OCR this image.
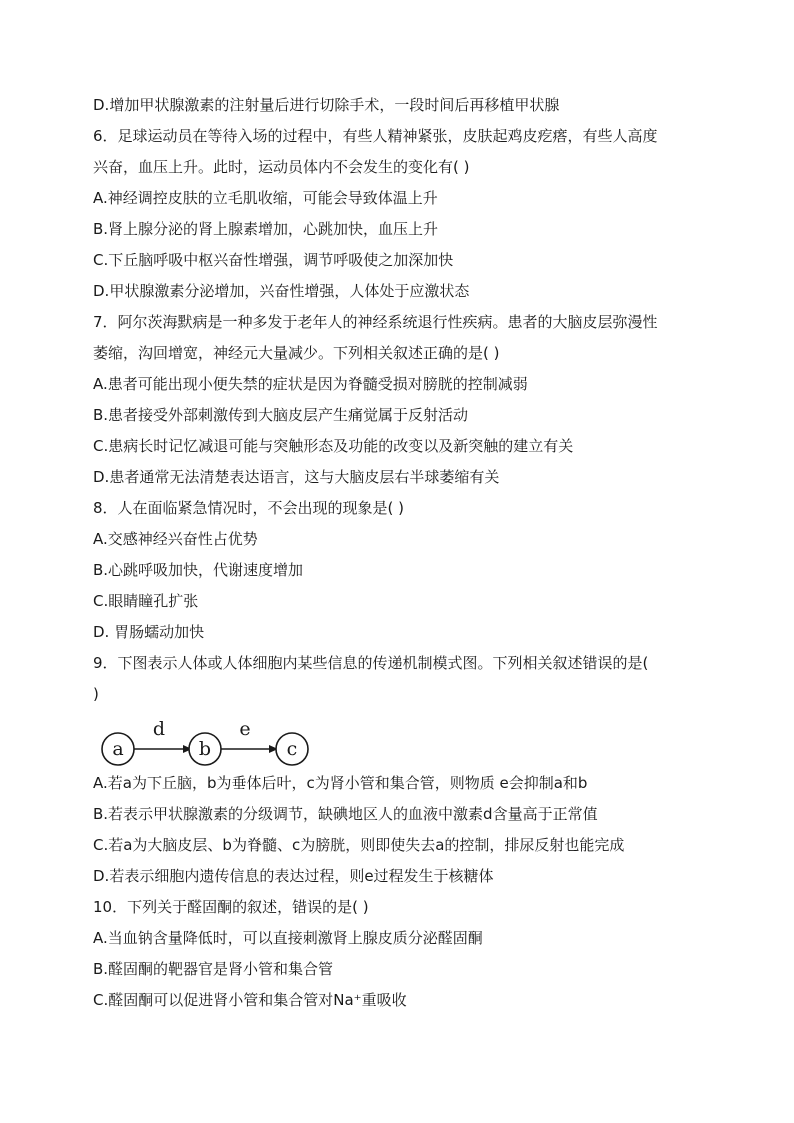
D.增加甲状腺激素的注射量后进行切除手术，一段时间后再移植甲状腺
6．足球运动员在等待入场的过程中，有些人精神紧张，皮肤起鸡皮疙瘩，有些人高度
兴奋，血压上升。此时，运动员体内不会发生的变化有( )
A.神经调控皮肤的立毛肌收缩，可能会导致体温上升
B.肾上腺分泌的肾上腺素增加，心跳加快，血压上升
C.下丘脑呼吸中枢兴奋性增强，调节呼吸使之加深加快
D.甲状腺激素分泌增加，兴奋性增强，人体处于应激状态
7．阿尔茨海默病是一种多发于老年人的神经系统退行性疾病。患者的大脑皮层弥漫性
萎缩，沟回增宽，神经元大量减少。下列相关叙述正确的是( )
A.患者可能出现小便失禁的症状是因为脊髓受损对膀胱的控制减弱
B.患者接受外部刺激传到大脑皮层产生痛觉属于反射活动
C.患病长时记忆减退可能与突触形态及功能的改变以及新突触的建立有关
D.患者通常无法清楚表达语言，这与大脑皮层右半球萎缩有关
8．人在面临紧急情况时，不会出现的现象是( )
A.交感神经兴奋性占优势
B.心跳呼吸加快，代谢速度增加
C.眼睛瞳孔扩张
D. 胃肠蠕动加快
9．下图表示人体或人体细胞内某些信息的传递机制模式图。下列相关叙述错误的是(
)
d	e
a	b	c
A.若a为下丘脑，b为垂体后叶，c为肾小管和集合管，则物质 e会抑制a和b
B.若表示甲状腺激素的分级调节，缺碘地区人的血液中激素d含量高于正常值
C.若a为大脑皮层、b为脊髓、c为膀胱，则即使失去a的控制，排尿反射也能完成
D.若表示细胞内遗传信息的表达过程，则e过程发生于核糖体
10．下列关于醛固酮的叙述，错误的是( )
A.当血钠含量降低时，可以直接刺激肾上腺皮质分泌醛固酮
B.醛固酮的靶器官是肾小管和集合管
C.醛固酮可以促进肾小管和集合管对Na⁺重吸收
